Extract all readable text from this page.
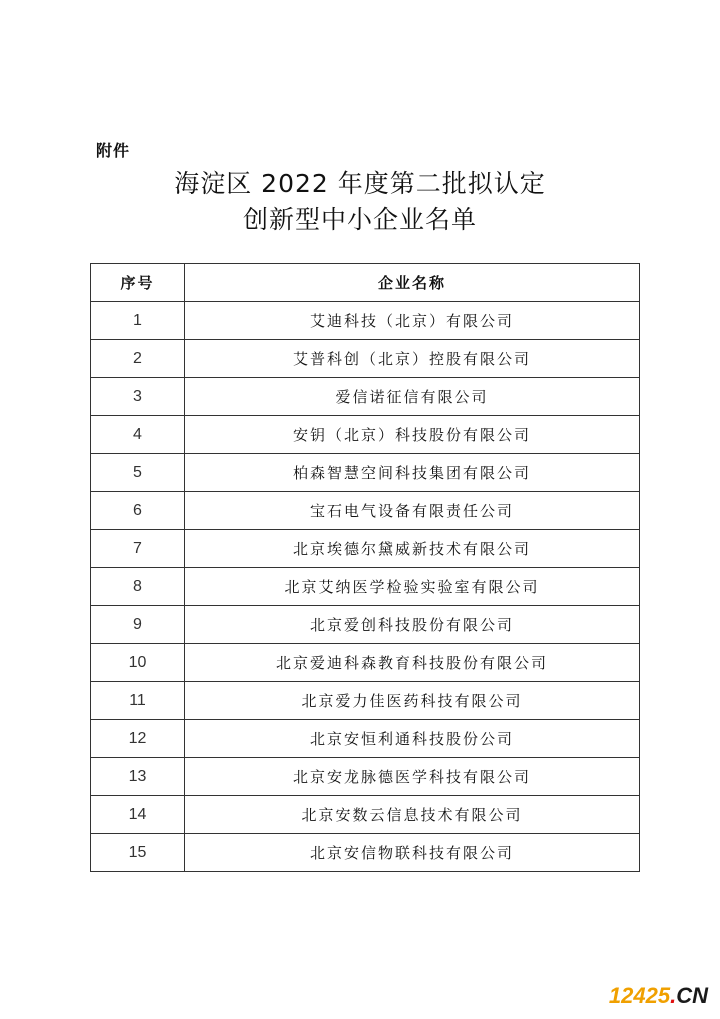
附件
海淀区 2022 年度第二批拟认定
创新型中小企业名单
序号	企业名称
1	艾迪科技（北京）有限公司
2	艾普科创（北京）控股有限公司
3	爱信诺征信有限公司
4	安钥（北京）科技股份有限公司
5	柏森智慧空间科技集团有限公司
6	宝石电气设备有限责任公司
7	北京埃德尔黛威新技术有限公司
8	北京艾纳医学检验实验室有限公司
9	北京爱创科技股份有限公司
10	北京爱迪科森教育科技股份有限公司
11	北京爱力佳医药科技有限公司
12	北京安恒利通科技股份公司
13	北京安龙脉德医学科技有限公司
14	北京安数云信息技术有限公司
15	北京安信物联科技有限公司
12425.CN
